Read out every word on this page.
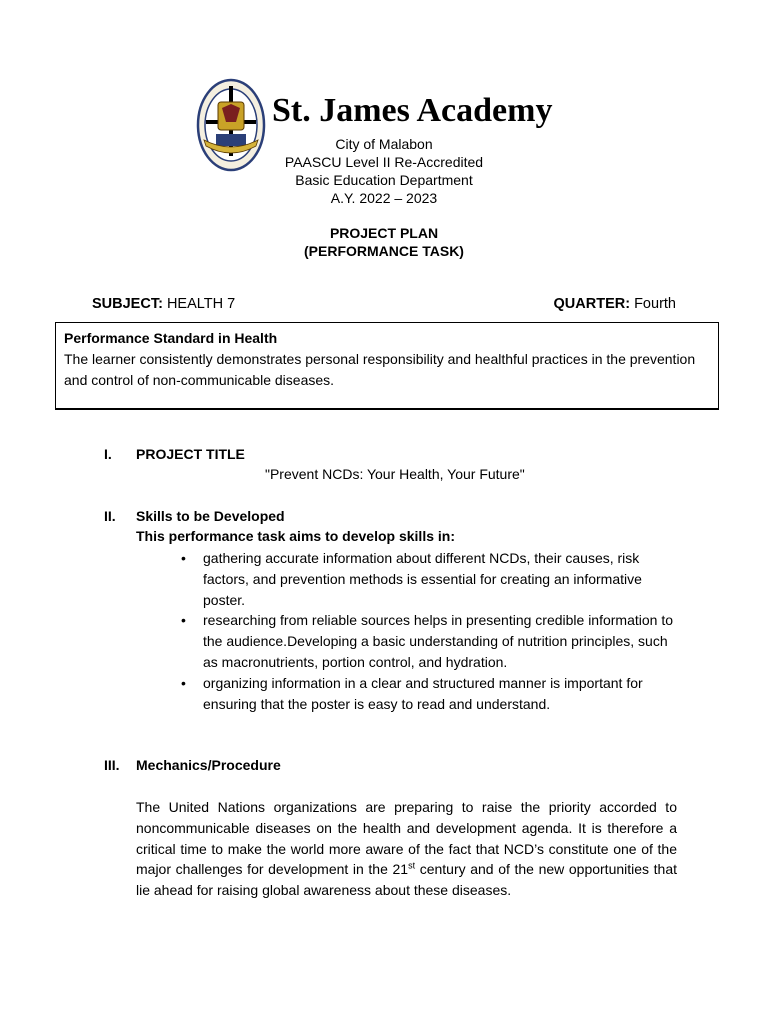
St. James Academy
City of Malabon
PAASCU Level II Re-Accredited
Basic Education Department
A.Y. 2022 – 2023
PROJECT PLAN
(PERFORMANCE TASK)
SUBJECT: HEALTH 7	QUARTER: Fourth
Performance Standard in Health
The learner consistently demonstrates personal responsibility and healthful practices in the prevention and control of non-communicable diseases.
I. PROJECT TITLE
"Prevent NCDs: Your Health, Your Future"
II. Skills to be Developed
This performance task aims to develop skills in:
• gathering accurate information about different NCDs, their causes, risk factors, and prevention methods is essential for creating an informative poster.
• researching from reliable sources helps in presenting credible information to the audience.Developing a basic understanding of nutrition principles, such as macronutrients, portion control, and hydration.
• organizing information in a clear and structured manner is important for ensuring that the poster is easy to read and understand.
III. Mechanics/Procedure
The United Nations organizations are preparing to raise the priority accorded to noncommunicable diseases on the health and development agenda. It is therefore a critical time to make the world more aware of the fact that NCD’s constitute one of the major challenges for development in the 21st century and of the new opportunities that lie ahead for raising global awareness about these diseases.
